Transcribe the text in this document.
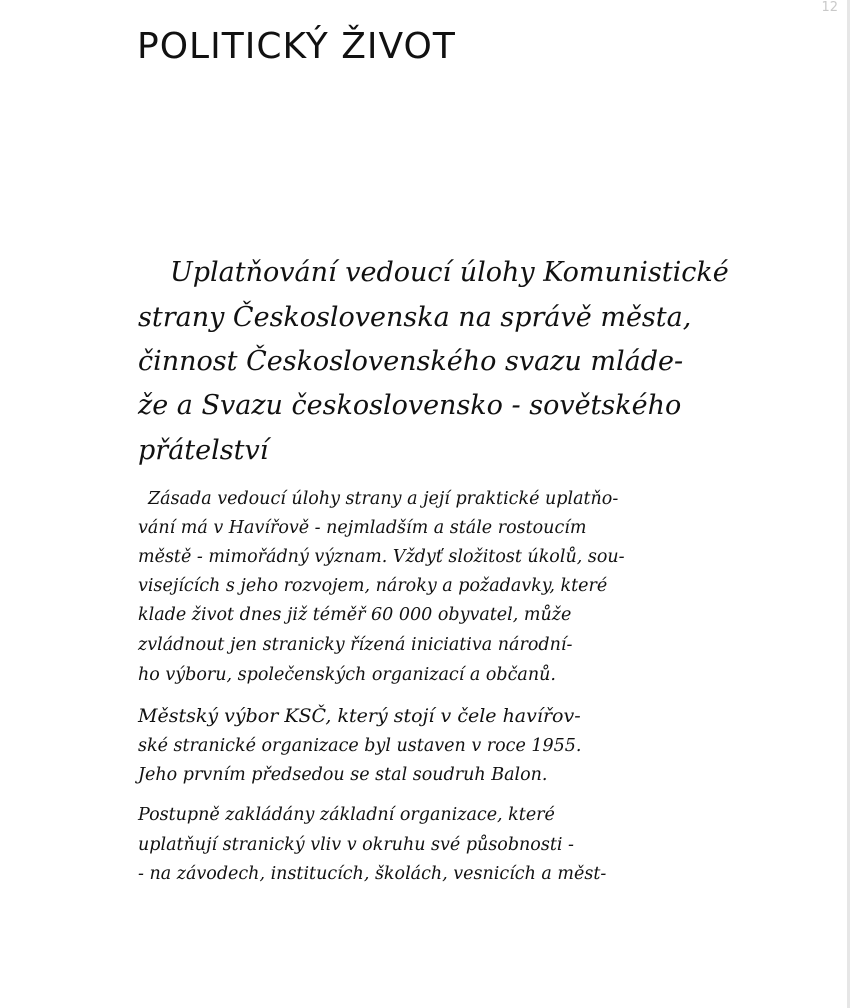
12
POLITICKÝ ŽIVOT

Uplatňování vedoucí úlohy Komunistické

strany Československa na správě města,

činnost Československého svazu mláde-

že a Svazu československo - sovětského

přátelství

Zásada vedoucí úlohy strany a její praktické uplatňo-

vání má v Havířově - nejmladším a stále rostoucím

městě - mimořádný význam. Vždyť složitost úkolů, sou-

visejících s jeho rozvojem, nároky a požadavky, které

klade život dnes již téměř 60 000 obyvatel, může

zvládnout jen stranicky řízená iniciativa národní-

ho výboru, společenských organizací a občanů.

Městský výbor KSČ, který stojí v čele havířov-

ské stranické organizace byl ustaven v roce 1955.

Jeho prvním předsedou se stal soudruh Balon.

Postupně zakládány základní organizace, které

uplatňují stranický vliv v okruhu své působnosti -

- na závodech, institucích, školách, vesnicích a měst-
